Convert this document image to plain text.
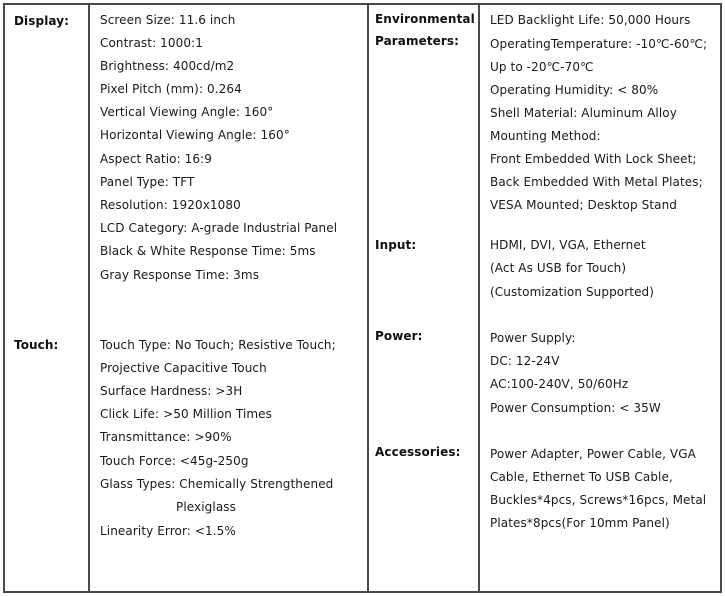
Display:
Touch:
Environmental
Parameters:
Input:
Power:
Accessories:
Screen Size: 11.6 inch
Contrast: 1000:1
Brightness: 400cd/m2
Pixel Pitch (mm): 0.264
Vertical Viewing Angle: 160°
Horizontal Viewing Angle: 160°
Aspect Ratio: 16:9
Panel Type: TFT
Resolution: 1920x1080
LCD Category: A-grade Industrial Panel
Black & White Response Time: 5ms
Gray Response Time: 3ms
Touch Type: No Touch; Resistive Touch;
Projective Capacitive Touch
Surface Hardness: >3H
Click Life: >50 Million Times
Transmittance: >90%
Touch Force: <45g-250g
Glass Types: Chemically Strengthened
Plexiglass
Linearity Error: <1.5%
LED Backlight Life: 50,000 Hours
OperatingTemperature: -10℃-60℃;
Up to -20℃-70℃
Operating Humidity: < 80%
Shell Material: Aluminum Alloy
Mounting Method:
Front Embedded With Lock Sheet;
Back Embedded With Metal Plates;
VESA Mounted; Desktop Stand
HDMI, DVI, VGA, Ethernet
(Act As USB for Touch)
(Customization Supported)
Power Supply:
DC: 12-24V
AC:100-240V, 50/60Hz
Power Consumption: < 35W
Power Adapter, Power Cable, VGA
Cable, Ethernet To USB Cable,
Buckles*4pcs, Screws*16pcs, Metal
Plates*8pcs(For 10mm Panel)
